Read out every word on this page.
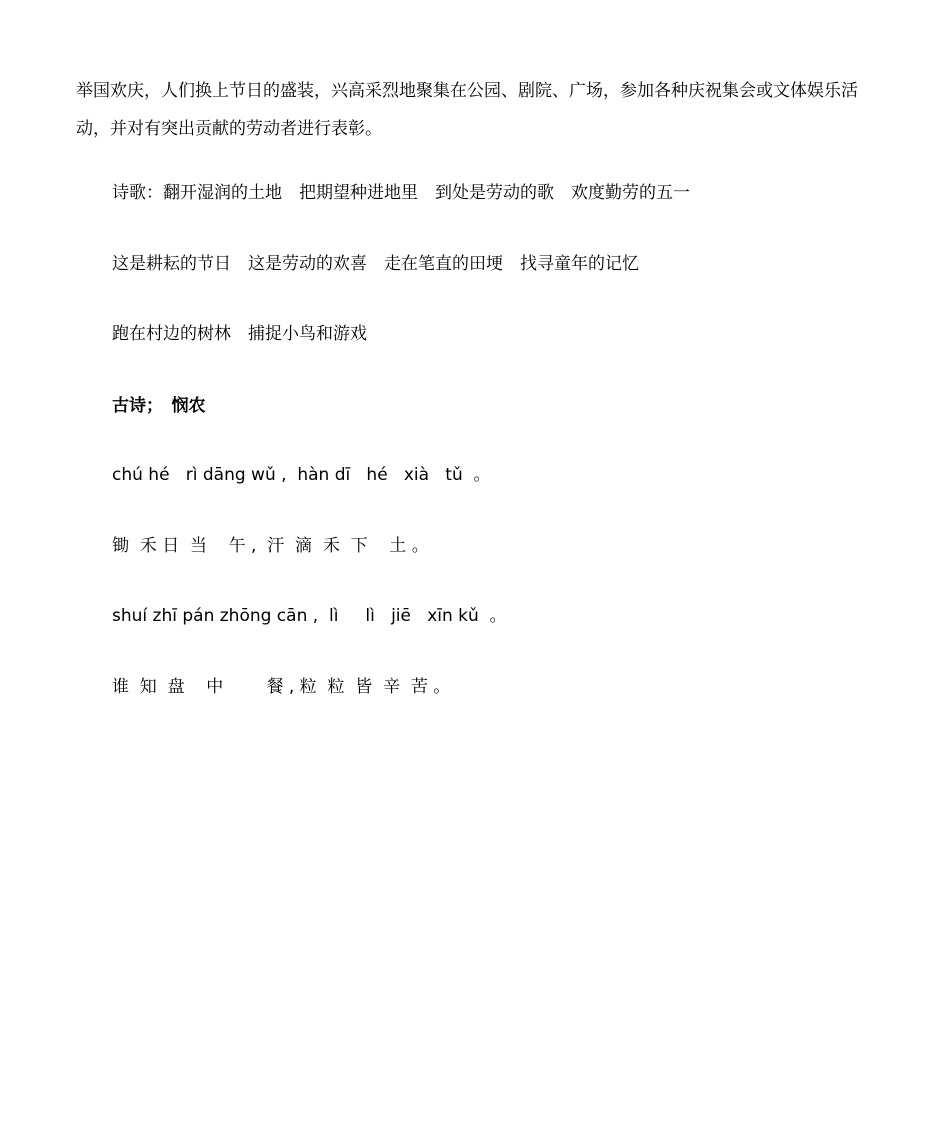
举国欢庆，人们换上节日的盛装，兴高采烈地聚集在公园、剧院、广场，参加各种庆祝集会或文体娱乐活动，并对有突出贡献的劳动者进行表彰。

诗歌：翻开湿润的土地　把期望种进地里　到处是劳动的歌　欢度勤劳的五一

这是耕耘的节日　这是劳动的欢喜　走在笔直的田埂　找寻童年的记忆

跑在村边的树林　捕捉小鸟和游戏

古诗；　悯农

chú hé   rì dāng wǔ ,  hàn dī   hé   xià   tǔ  。

锄  禾 日  当    午 ,  汗  滴  禾  下    土 。

shuí zhī pán zhōng cān ,  lì     lì   jiē   xīn kǔ  。

谁  知  盘    中        餐 , 粒  粒  皆  辛  苦 。
